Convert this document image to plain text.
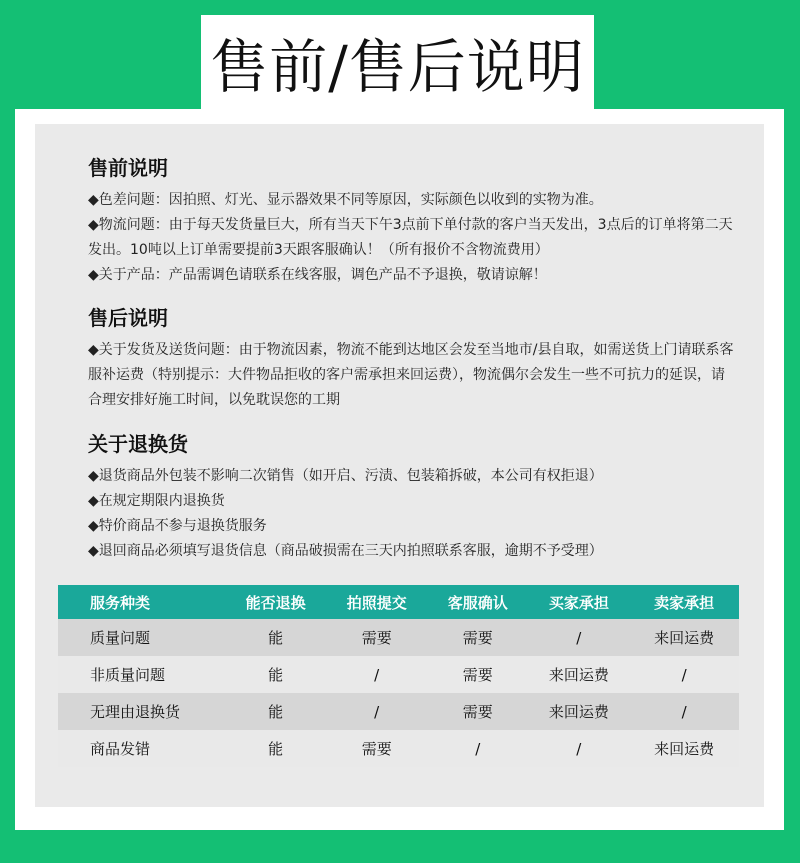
售前/售后说明
售前说明

◆色差问题：因拍照、灯光、显示器效果不同等原因，实际颜色以收到的实物为准。

◆物流问题：由于每天发货量巨大，所有当天下午3点前下单付款的客户当天发出，3点后的订单将第二天发出。10吨以上订单需要提前3天跟客服确认！（所有报价不含物流费用）

◆关于产品：产品需调色请联系在线客服，调色产品不予退换，敬请谅解！

售后说明

◆关于发货及送货问题：由于物流因素，物流不能到达地区会发至当地市/县自取，如需送货上门请联系客服补运费（特别提示：大件物品拒收的客户需承担来回运费），物流偶尔会发生一些不可抗力的延误，请合理安排好施工时间，以免耽误您的工期

关于退换货

◆退货商品外包装不影响二次销售（如开启、污渍、包装箱拆破，本公司有权拒退）

◆在规定期限内退换货

◆特价商品不参与退换货服务

◆退回商品必须填写退货信息（商品破损需在三天内拍照联系客服，逾期不予受理）

服务种类	能否退换	拍照提交	客服确认	买家承担	卖家承担
质量问题	能	需要	需要	/	来回运费
非质量问题	能	/	需要	来回运费	/
无理由退换货	能	/	需要	来回运费	/
商品发错	能	需要	/	/	来回运费
